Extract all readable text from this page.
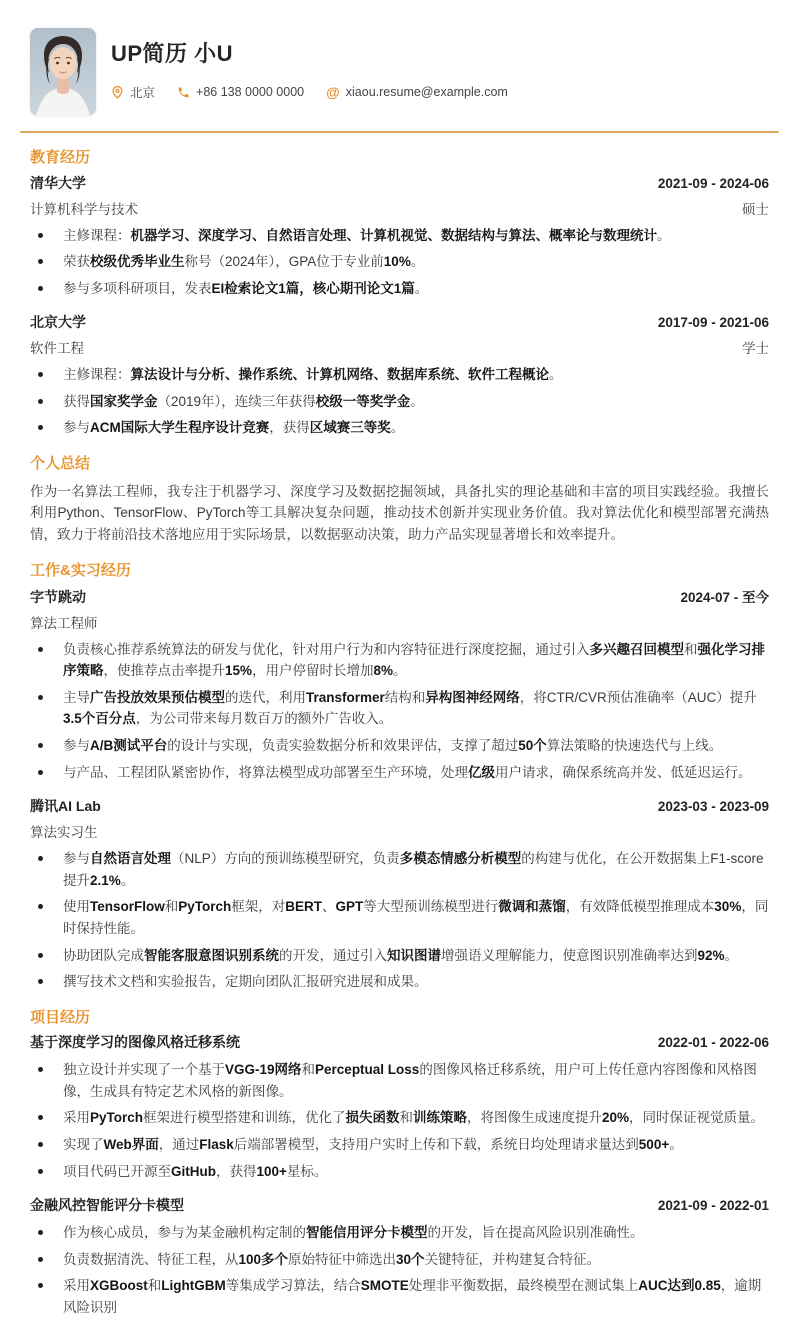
UP简历 小U
北京	+86 138 0000 0000 @ xiaou.resume@example.com
教育经历
清华大学	2021-09 - 2024-06
计算机科学与技术	硕士
主修课程：机器学习、深度学习、自然语言处理、计算机视觉、数据结构与算法、概率论与数理统计。
荣获校级优秀毕业生称号（2024年），GPA位于专业前10%。
参与多项科研项目，发表EI检索论文1篇，核心期刊论文1篇。
北京大学	2017-09 - 2021-06
软件工程	学士
主修课程：算法设计与分析、操作系统、计算机网络、数据库系统、软件工程概论。
获得国家奖学金（2019年），连续三年获得校级一等奖学金。
参与ACM国际大学生程序设计竞赛，获得区域赛三等奖。
个人总结

作为一名算法工程师，我专注于机器学习、深度学习及数据挖掘领域，具备扎实的理论基础和丰富的项目实践经验。我擅长利用Python、TensorFlow、PyTorch等工具解决复杂问题，推动技术创新并实现业务价值。我对算法优化和模型部署充满热情，致力于将前沿技术落地应用于实际场景，以数据驱动决策，助力产品实现显著增长和效率提升。

工作&实习经历
字节跳动	2024-07 - 至今
算法工程师
负责核心推荐系统算法的研发与优化，针对用户行为和内容特征进行深度挖掘，通过引入多兴趣召回模型和强化学习排序策略，使推荐点击率提升15%，用户停留时长增加8%。
主导广告投放效果预估模型的迭代，利用Transformer结构和异构图神经网络，将CTR/CVR预估准确率（AUC）提升3.5个百分点，为公司带来每月数百万的额外广告收入。
参与A/B测试平台的设计与实现，负责实验数据分析和效果评估，支撑了超过50个算法策略的快速迭代与上线。
与产品、工程团队紧密协作，将算法模型成功部署至生产环境，处理亿级用户请求，确保系统高并发、低延迟运行。
腾讯AI Lab	2023-03 - 2023-09
算法实习生
参与自然语言处理（NLP）方向的预训练模型研究，负责多模态情感分析模型的构建与优化，在公开数据集上F1-score提升2.1%。
使用TensorFlow和PyTorch框架，对BERT、GPT等大型预训练模型进行微调和蒸馏，有效降低模型推理成本30%，同时保持性能。
协助团队完成智能客服意图识别系统的开发，通过引入知识图谱增强语义理解能力，使意图识别准确率达到92%。
撰写技术文档和实验报告，定期向团队汇报研究进展和成果。
项目经历
基于深度学习的图像风格迁移系统	2022-01 - 2022-06
独立设计并实现了一个基于VGG-19网络和Perceptual Loss的图像风格迁移系统，用户可上传任意内容图像和风格图像，生成具有特定艺术风格的新图像。
采用PyTorch框架进行模型搭建和训练，优化了损失函数和训练策略，将图像生成速度提升20%，同时保证视觉质量。
实现了Web界面，通过Flask后端部署模型，支持用户实时上传和下载，系统日均处理请求量达到500+。
项目代码已开源至GitHub，获得100+星标。
金融风控智能评分卡模型	2021-09 - 2022-01
作为核心成员，参与为某金融机构定制的智能信用评分卡模型的开发，旨在提高风险识别准确性。
负责数据清洗、特征工程，从100多个原始特征中筛选出30个关键特征，并构建复合特征。
采用XGBoost和LightGBM等集成学习算法，结合SMOTE处理非平衡数据，最终模型在测试集上AUC达到0.85，逾期风险识别
